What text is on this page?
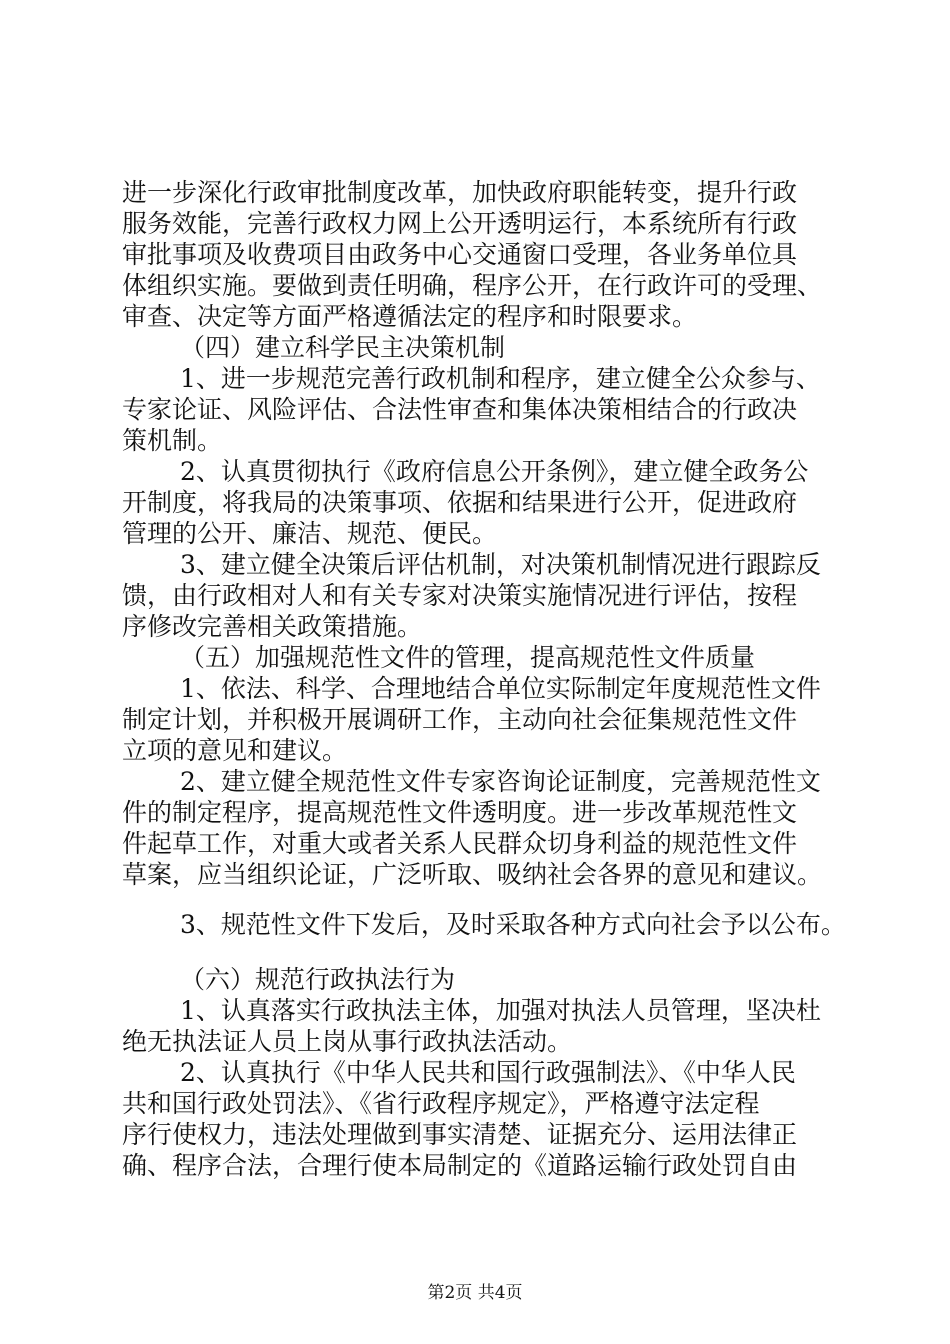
进一步深化行政审批制度改革，加快政府职能转变，提升行政
服务效能，完善行政权力网上公开透明运行，本系统所有行政
审批事项及收费项目由政务中心交通窗口受理，各业务单位具
体组织实施。要做到责任明确，程序公开，在行政许可的受理、
审查、决定等方面严格遵循法定的程序和时限要求。
（四）建立科学民主决策机制
1、进一步规范完善行政机制和程序，建立健全公众参与、
专家论证、风险评估、合法性审查和集体决策相结合的行政决
策机制。
2、认真贯彻执行《政府信息公开条例》，建立健全政务公
开制度，将我局的决策事项、依据和结果进行公开，促进政府
管理的公开、廉洁、规范、便民。
3、建立健全决策后评估机制，对决策机制情况进行跟踪反
馈，由行政相对人和有关专家对决策实施情况进行评估，按程
序修改完善相关政策措施。
（五）加强规范性文件的管理，提高规范性文件质量
1、依法、科学、合理地结合单位实际制定年度规范性文件
制定计划，并积极开展调研工作，主动向社会征集规范性文件
立项的意见和建议。
2、建立健全规范性文件专家咨询论证制度，完善规范性文
件的制定程序，提高规范性文件透明度。进一步改革规范性文
件起草工作，对重大或者关系人民群众切身利益的规范性文件
草案，应当组织论证，广泛听取、吸纳社会各界的意见和建议。
3、规范性文件下发后，及时采取各种方式向社会予以公布。
（六）规范行政执法行为
1、认真落实行政执法主体，加强对执法人员管理，坚决杜
绝无执法证人员上岗从事行政执法活动。
2、认真执行《中华人民共和国行政强制法》、《中华人民
共和国行政处罚法》、《省行政程序规定》，严格遵守法定程
序行使权力，违法处理做到事实清楚、证据充分、运用法律正
确、程序合法，合理行使本局制定的《道路运输行政处罚自由
第2页 共4页
